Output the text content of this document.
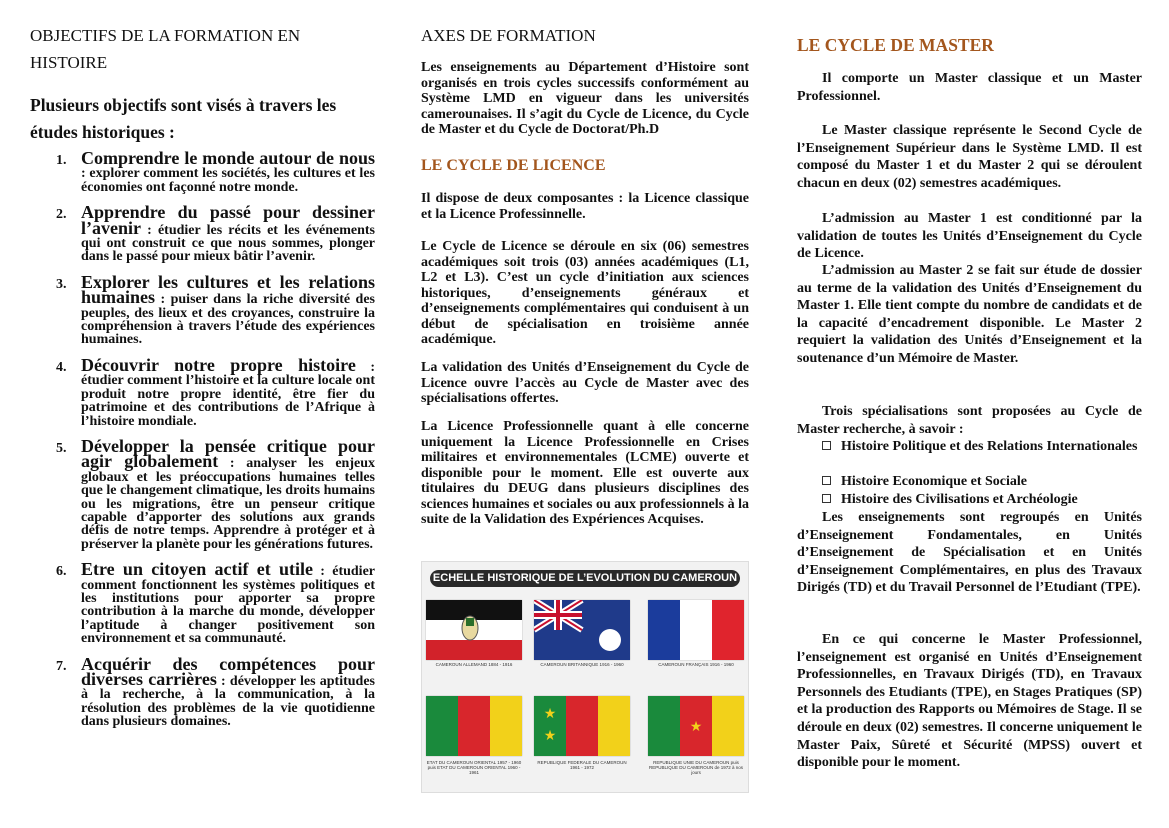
OBJECTIFS DE LA FORMATION EN HISTOIRE

Plusieurs objectifs sont visés à travers les études historiques :

1. Comprendre le monde autour de nous : explorer comment les sociétés, les cultures et les économies ont façonné notre monde.
2. Apprendre du passé pour dessiner l’avenir : étudier les récits et les événements qui ont construit ce que nous sommes, plonger dans le passé pour mieux bâtir l’avenir.
3. Explorer les cultures et les relations humaines : puiser dans la riche diversité des peuples, des lieux et des croyances, construire la compréhension à travers l’étude des expériences humaines.
4. Découvrir notre propre histoire : étudier comment l’histoire et la culture locale ont produit notre propre identité, être fier du patrimoine et des contributions de l’Afrique à l’histoire mondiale.
5. Développer la pensée critique pour agir globalement : analyser les enjeux globaux et les préoccupations humaines telles que le changement climatique, les droits humains ou les migrations, être un penseur critique capable d’apporter des solutions aux grands défis de notre temps. Apprendre à protéger et à préserver la planète pour les générations futures.
6. Etre un citoyen actif et utile : étudier comment fonctionnent les systèmes politiques et les institutions pour apporter sa propre contribution à la marche du monde, développer l’aptitude à changer positivement son environnement et sa communauté.
7. Acquérir des compétences pour diverses carrières : développer les aptitudes à la recherche, à la communication, à la résolution des problèmes de la vie quotidienne dans plusieurs domaines.
AXES DE FORMATION

Les enseignements au Département d’Histoire sont organisés en trois cycles successifs conformément au Système LMD en vigueur dans les universités camerounaises. Il s’agit du Cycle de Licence, du Cycle de Master et du Cycle de Doctorat/Ph.D

LE CYCLE DE LICENCE

Il dispose de deux composantes : la Licence classique et la Licence Professinnelle.

Le Cycle de Licence se déroule en six (06) semestres académiques soit trois (03) années académiques (L1, L2 et L3). C’est un cycle d’initiation aux sciences historiques, d’enseignements généraux et d’enseignements complémentaires qui conduisent à un début de spécialisation en troisième année académique.

La validation des Unités d’Enseignement du Cycle de Licence ouvre l’accès au Cycle de Master avec des spécialisations offertes.

La Licence Professionnelle quant à elle concerne uniquement la Licence Professionnelle en Crises militaires et environnementales (LCME) ouverte et disponible pour le moment. Elle est ouverte aux titulaires du DEUG dans plusieurs disciplines des sciences humaines et sociales ou aux professionnels à la suite de la Validation des Expériences Acquises.

ECHELLE HISTORIQUE DE L’EVOLUTION DU CAMEROUN
CAMEROUN ALLEMAND 1884 - 1916	CAMEROUN BRITANNIQUE 1916 - 1960	CAMEROUN FRANÇAIS 1916 - 1960
ETAT DU CAMEROUN ORIENTAL 1957 - 1960 puis ETAT DU CAMEROUN ORIENTAL 1960 - 1961
★
★
REPUBLIQUE FEDERALE DU CAMEROUN 1961 - 1972
★
REPUBLIQUE UNIE DU CAMEROUN puis REPUBLIQUE DU CAMEROUN de 1972 à nos jours
LE CYCLE DE MASTER

Il comporte un Master classique et un Master Professionnel.

Le Master classique représente le Second Cycle de l’Enseignement Supérieur dans le Système LMD. Il est composé du Master 1 et du Master 2 qui se déroulent chacun en deux (02) semestres académiques.

L’admission au Master 1 est conditionné par la validation de toutes les Unités d’Enseignement du Cycle de Licence.

L’admission au Master 2 se fait sur étude de dossier au terme de la validation des Unités d’Enseignement du Master 1. Elle tient compte du nombre de candidats et de la capacité d’encadrement disponible. Le Master 2 requiert la validation des Unités d’Enseignement et la soutenance d’un Mémoire de Master.

Trois spécialisations sont proposées au Cycle de Master recherche, à savoir :

Histoire Politique et des Relations Internationales
Histoire Economique et Sociale
Histoire des Civilisations et Archéologie

Les enseignements sont regroupés en Unités d’Enseignement Fondamentales, en Unités d’Enseignement de Spécialisation et en Unités d’Enseignement Complémentaires, en plus des Travaux Dirigés (TD) et du Travail Personnel de l’Etudiant (TPE).

En ce qui concerne le Master Professionnel, l’enseignement est organisé en Unités d’Enseignement Professionnelles, en Travaux Dirigés (TD), en Travaux Personnels des Etudiants (TPE), en Stages Pratiques (SP) et la production des Rapports ou Mémoires de Stage. Il se déroule en deux (02) semestres. Il concerne uniquement le Master Paix, Sûreté et Sécurité (MPSS) ouvert et disponible pour le moment.
